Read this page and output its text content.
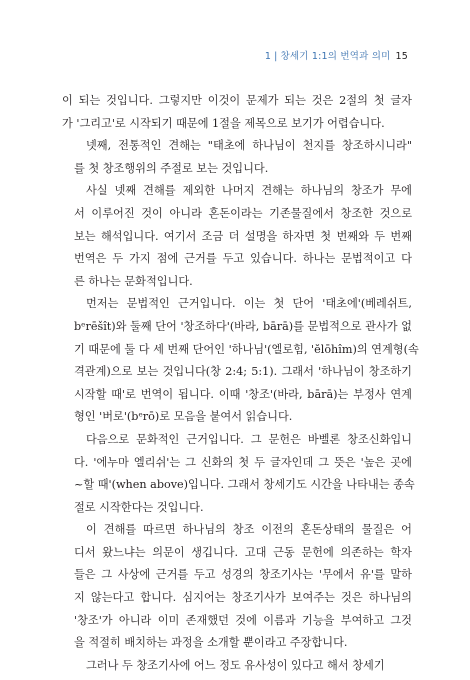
1 | 창세기 1:1의 번역과 의미 15

이 되는 것입니다. 그렇지만 이것이 문제가 되는 것은 2절의 첫 글자
가 '그리고'로 시작되기 때문에 1절을 제목으로 보기가 어렵습니다.

넷째, 전통적인 견해는 "태초에 하나님이 천지를 창조하시니라"
를 첫 창조행위의 주절로 보는 것입니다.

사실 넷째 견해를 제외한 나머지 견해는 하나님의 창조가 무에
서 이루어진 것이 아니라 혼돈이라는 기존물질에서 창조한 것으로
보는 해석입니다. 여기서 조금 더 설명을 하자면 첫 번째와 두 번째
번역은 두 가지 점에 근거를 두고 있습니다. 하나는 문법적이고 다
른 하나는 문화적입니다.

먼저는 문법적인 근거입니다. 이는 첫 단어 '태초에'(베레쉬트,
bᵉrēšît)와 둘째 단어 '창조하다'(바라, bārā)를 문법적으로 관사가 없
기 때문에 둘 다 세 번째 단어인 '하나님'(엘로힘, 'ĕlōhîm)의 연계형(속
격관계)으로 보는 것입니다(창 2:4; 5:1). 그래서 '하나님이 창조하기
시작할 때'로 번역이 됩니다. 이때 '창조'(바라, bārā)는 부정사 연계
형인 '버로'(bᵉrō)로 모음을 붙여서 읽습니다.

다음으로 문화적인 근거입니다. 그 문헌은 바벨론 창조신화입니
다. '에누마 엘리쉬'는 그 신화의 첫 두 글자인데 그 뜻은 '높은 곳에
~할 때'(when above)입니다. 그래서 창세기도 시간을 나타내는 종속
절로 시작한다는 것입니다.

이 견해를 따르면 하나님의 창조 이전의 혼돈상태의 물질은 어
디서 왔느냐는 의문이 생깁니다. 고대 근동 문헌에 의존하는 학자
들은 그 사상에 근거를 두고 성경의 창조기사는 '무에서 유'를 말하
지 않는다고 합니다. 심지어는 창조기사가 보여주는 것은 하나님의
'창조'가 아니라 이미 존재했던 것에 이름과 기능을 부여하고 그것
을 적절히 배치하는 과정을 소개할 뿐이라고 주장합니다.

그러나 두 창조기사에 어느 정도 유사성이 있다고 해서 창세기
